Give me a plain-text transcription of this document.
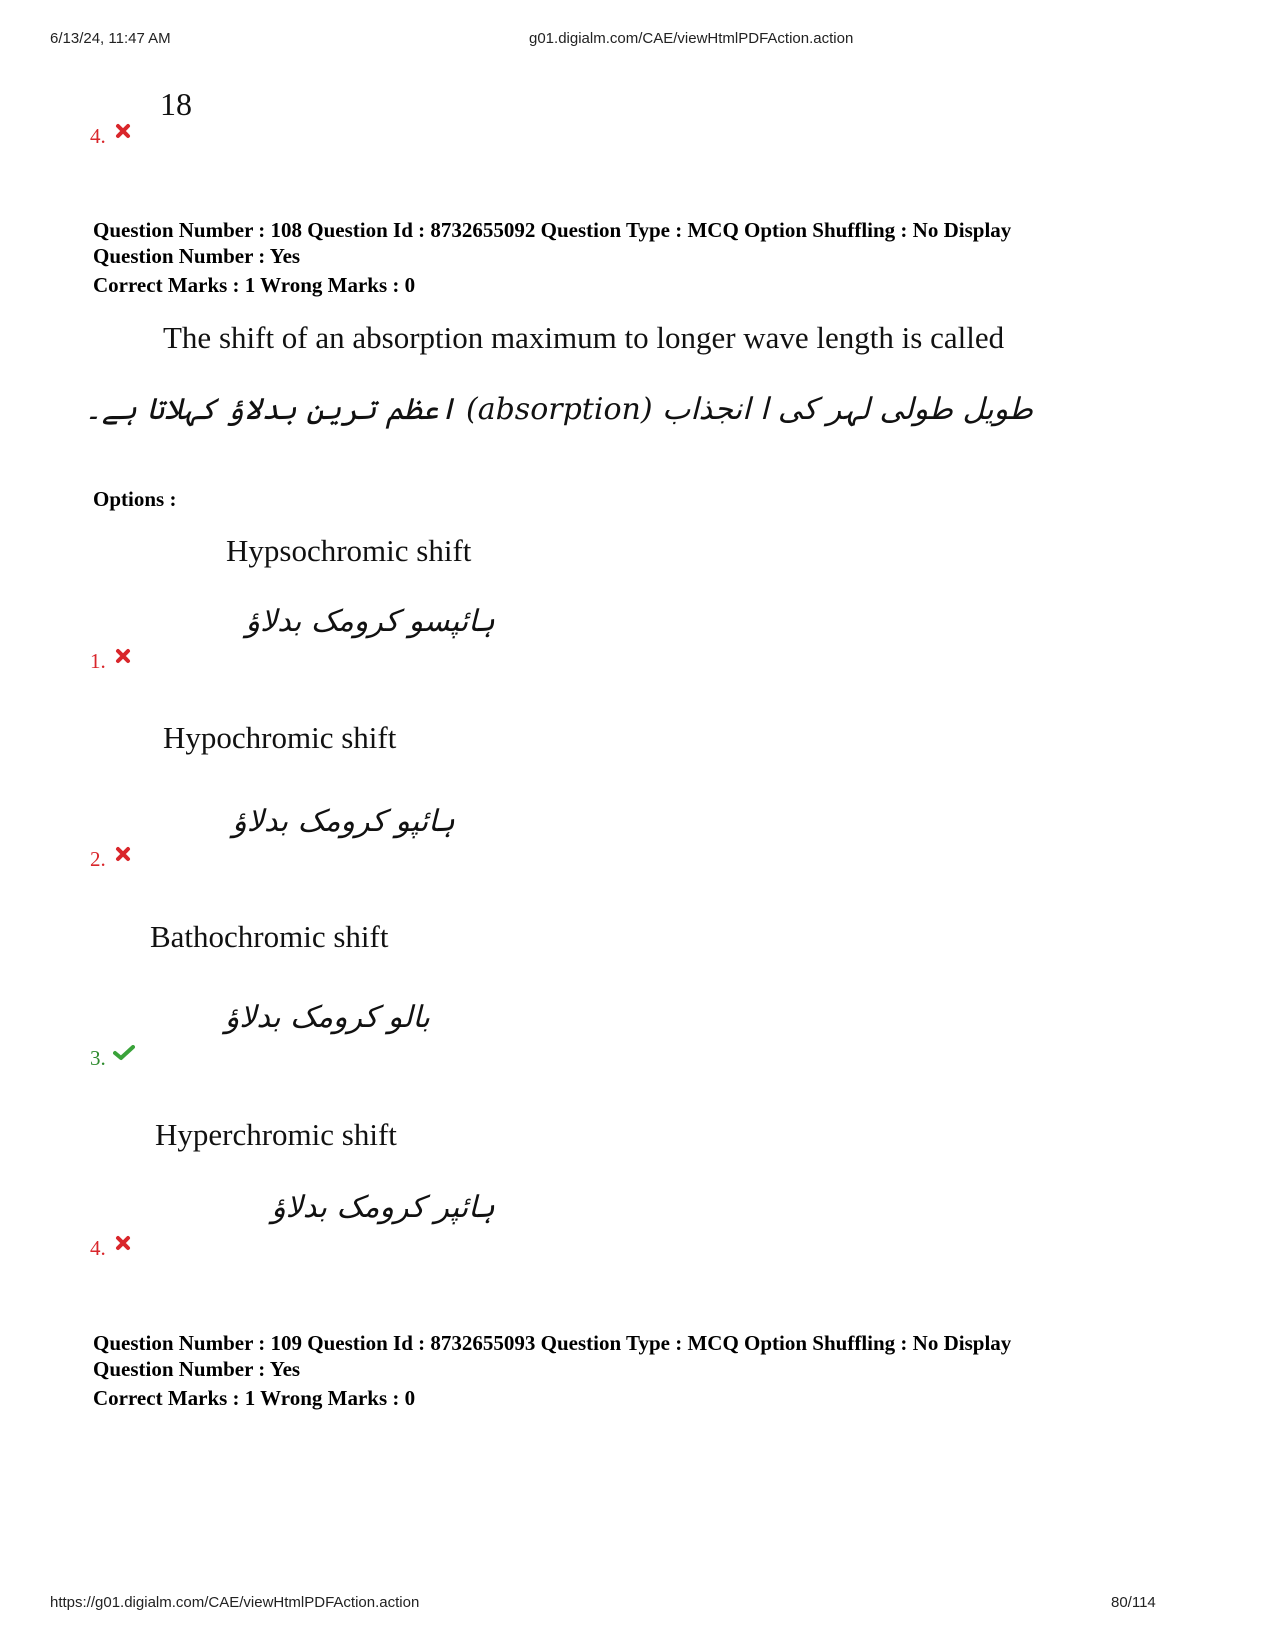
6/13/24, 11:47 AM	g01.digialm.com/CAE/viewHtmlPDFAction.action
18
4.
Question Number : 108 Question Id : 8732655092 Question Type : MCQ Option Shuffling : No Display
Question Number : Yes
Correct Marks : 1 Wrong Marks : 0
The shift of an absorption maximum to longer wave length is called
طویل طولی لہر کی ا انجذاب (absorption) اعظم ترین بدلاؤ کہلاتا ہے۔
Options :
Hypsochromic shift
ہائپسو کرومک بدلاؤ
1.
Hypochromic shift
ہائپو کرومک بدلاؤ
2.
Bathochromic shift
بالو کرومک بدلاؤ
3.
Hyperchromic shift
ہائپر کرومک بدلاؤ
4.
Question Number : 109 Question Id : 8732655093 Question Type : MCQ Option Shuffling : No Display
Question Number : Yes
Correct Marks : 1 Wrong Marks : 0
https://g01.digialm.com/CAE/viewHtmlPDFAction.action	80/114
